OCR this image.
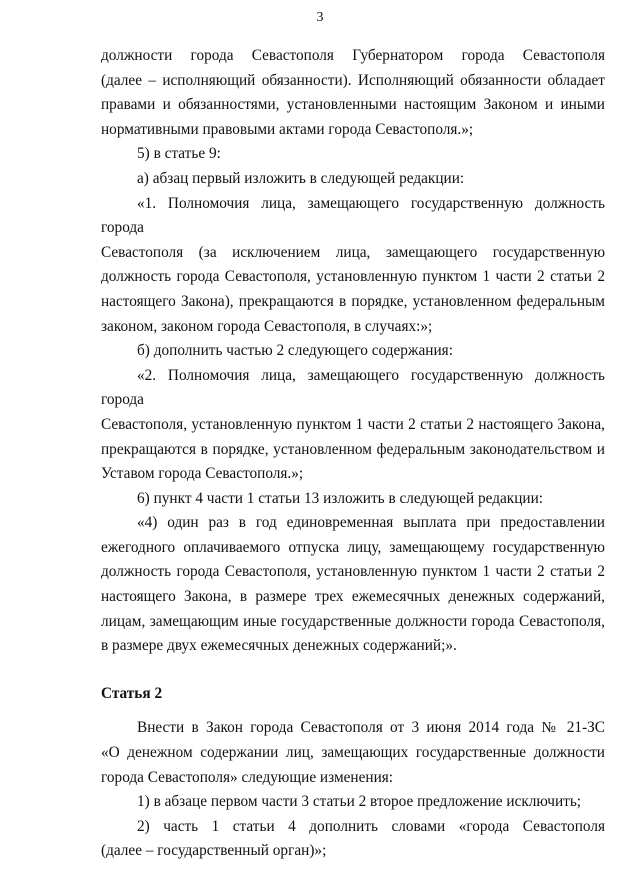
3
должности города Севастополя Губернатором города Севастополя
(далее – исполняющий обязанности). Исполняющий обязанности обладает
правами и обязанностями, установленными настоящим Законом и иными
нормативными правовыми актами города Севастополя.»;
5) в статье 9:
а) абзац первый изложить в следующей редакции:
«1. Полномочия лица, замещающего государственную должность города
Севастополя (за исключением лица, замещающего государственную
должность города Севастополя, установленную пунктом 1 части 2 статьи 2
настоящего Закона), прекращаются в порядке, установленном федеральным
законом, законом города Севастополя, в случаях:»;
б) дополнить частью 2 следующего содержания:
«2. Полномочия лица, замещающего государственную должность города
Севастополя, установленную пунктом 1 части 2 статьи 2 настоящего Закона,
прекращаются в порядке, установленном федеральным законодательством и
Уставом города Севастополя.»;
6) пункт 4 части 1 статьи 13 изложить в следующей редакции:
«4) один раз в год единовременная выплата при предоставлении
ежегодного оплачиваемого отпуска лицу, замещающему государственную
должность города Севастополя, установленную пунктом 1 части 2 статьи 2
настоящего Закона, в размере трех ежемесячных денежных содержаний,
лицам, замещающим иные государственные должности города Севастополя,
в размере двух ежемесячных денежных содержаний;».
Статья 2
Внести в Закон города Севастополя от 3 июня 2014 года № 21-ЗС
«О денежном содержании лиц, замещающих государственные должности
города Севастополя» следующие изменения:
1) в абзаце первом части 3 статьи 2 второе предложение исключить;
2) часть 1 статьи 4 дополнить словами «города Севастополя
(далее – государственный орган)»;
